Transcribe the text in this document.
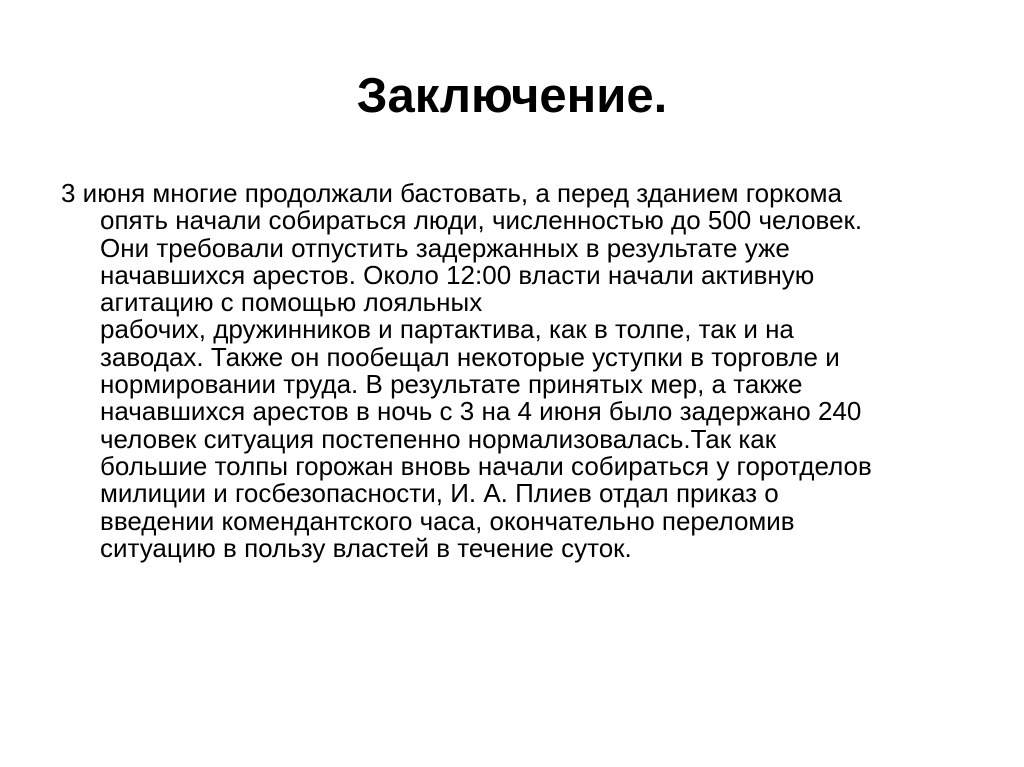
Заключение.
3 июня многие продолжали бастовать, а перед зданием горкома
опять начали собираться люди, численностью до 500 человек.
Они требовали отпустить задержанных в результате уже
начавшихся арестов. Около 12:00 власти начали активную
агитацию с помощью лояльных
рабочих, дружинников и партактива, как в толпе, так и на
заводах. Также он пообещал некоторые уступки в торговле и
нормировании труда. В результате принятых мер, а также
начавшихся арестов в ночь с 3 на 4 июня было задержано 240
человек ситуация постепенно нормализовалась.Так как
большие толпы горожан вновь начали собираться у горотделов
милиции и госбезопасности, И. А. Плиев отдал приказ о
введении комендантского часа, окончательно переломив
ситуацию в пользу властей в течение суток.
